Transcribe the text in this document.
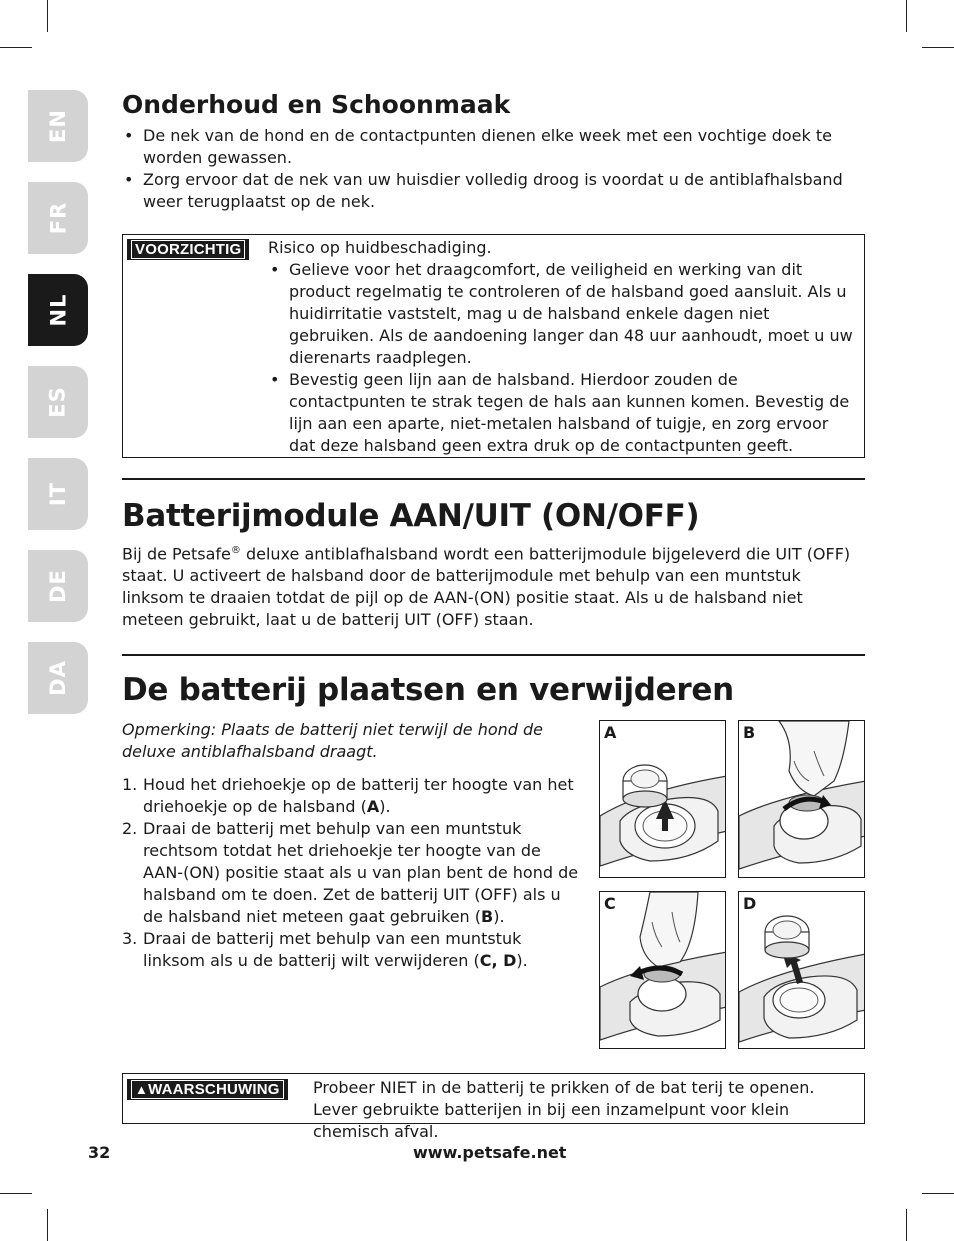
EN
FR
NL
ES
IT
DE
DA
Onderhoud en Schoonmaak
• De nek van de hond en de contactpunten dienen elke week met een vochtige doek te worden gewassen.
• Zorg ervoor dat de nek van uw huisdier volledig droog is voordat u de antiblafhalsband weer terugplaatst op de nek.
VOORZICHTIG	Risico op huidbeschadiging.
• Gelieve voor het draagcomfort, de veiligheid en werking van dit product regelmatig te controleren of de halsband goed aansluit. Als u huidirritatie vaststelt, mag u de halsband enkele dagen niet gebruiken. Als de aandoening langer dan 48 uur aanhoudt, moet u uw dierenarts raadplegen.
• Bevestig geen lijn aan de halsband. Hierdoor zouden de contactpunten te strak tegen de hals aan kunnen komen. Bevestig de lijn aan een aparte, niet-metalen halsband of tuigje, en zorg ervoor dat deze halsband geen extra druk op de contactpunten geeft.
Batterijmodule AAN/UIT (ON/OFF)

Bij de Petsafe® deluxe antiblafhalsband wordt een batterijmodule bijgeleverd die UIT (OFF) staat. U activeert de halsband door de batterijmodule met behulp van een muntstuk linksom te draaien totdat de pijl op de AAN-(ON) positie staat. Als u de halsband niet meteen gebruikt, laat u de batterij UIT (OFF) staan.

De batterij plaatsen en verwijderen

Opmerking: Plaats de batterij niet terwijl de hond de deluxe antiblafhalsband draagt.

1. Houd het driehoekje op de batterij ter hoogte van het driehoekje op de halsband (A).
2. Draai de batterij met behulp van een muntstuk rechtsom totdat het driehoekje ter hoogte van de AAN-(ON) positie staat als u van plan bent de hond de halsband om te doen. Zet de batterij UIT (OFF) als u de halsband niet meteen gaat gebruiken (B).
3. Draai de batterij met behulp van een muntstuk linksom als u de batterij wilt verwijderen (C, D).
A	B
C	D
▲WAARSCHUWING	Probeer NIET in de batterij te prikken of de bat terij te openen. Lever gebruikte batterijen in bij een inzamelpunt voor klein chemisch afval.
32	www.petsafe.net
